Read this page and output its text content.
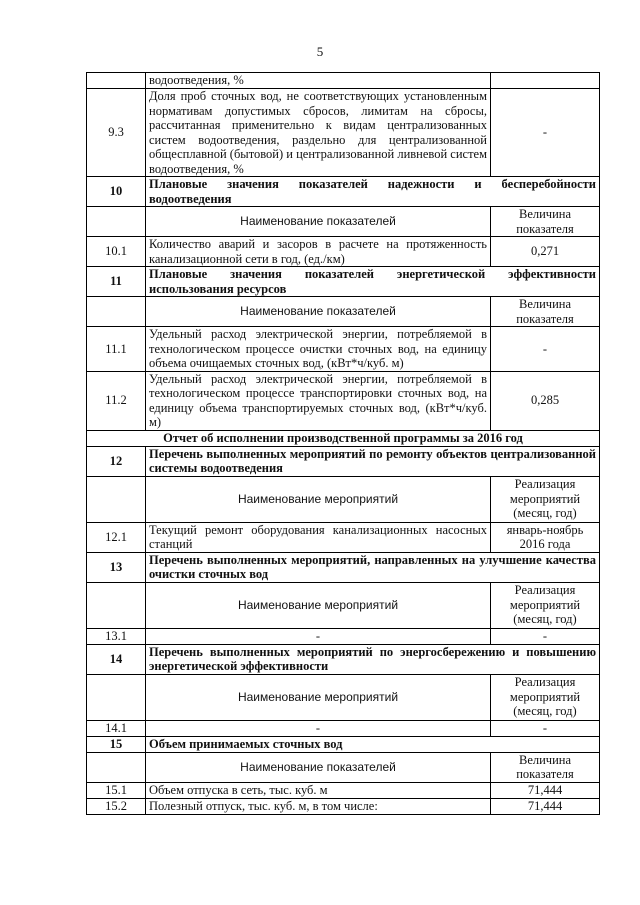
5
	водоотведения, %	
9.3	Доля проб сточных вод, не соответствующих установленным нормативам допустимых сбросов, лимитам на сбросы, рассчитанная применительно к видам централизованных систем водоотведения, раздельно для централизованной общесплавной (бытовой) и централизованной ливневой систем водоотведения, %	-
10	Плановые значения показателей надежности и бесперебойности водоотведения	
	Наименование показателей	Величина показателя
10.1	Количество аварий и засоров в расчете на протяженность канализационной сети в год, (ед./км)	0,271
11	Плановые значения показателей энергетической эффективности использования ресурсов	
	Наименование показателей	Величина показателя
11.1	Удельный расход электрической энергии, потребляемой в технологическом процессе очистки сточных вод, на единицу объема очищаемых сточных вод, (кВт*ч/куб. м)	-
11.2	Удельный расход электрической энергии, потребляемой в технологическом процессе транспортировки сточных вод, на единицу объема транспортируемых сточных вод, (кВт*ч/куб. м)	0,285
Отчет об исполнении производственной программы за 2016 год		
12	Перечень выполненных мероприятий по ремонту объектов централизованной системы водоотведения	
	Наименование мероприятий	Реализация мероприятий (месяц, год)
12.1	Текущий ремонт оборудования канализационных насосных станций	январь-ноябрь 2016 года
13	Перечень выполненных мероприятий, направленных на улучшение качества очистки сточных вод	
	Наименование мероприятий	Реализация мероприятий (месяц, год)
13.1	-	-
14	Перечень выполненных мероприятий по энергосбережению и повышению энергетической эффективности	
	Наименование мероприятий	Реализация мероприятий (месяц, год)
14.1	-	-
15	Объем принимаемых сточных вод	
	Наименование показателей	Величина показателя
15.1	Объем отпуска в сеть, тыс. куб. м	71,444
15.2	Полезный отпуск, тыс. куб. м, в том числе:	71,444
